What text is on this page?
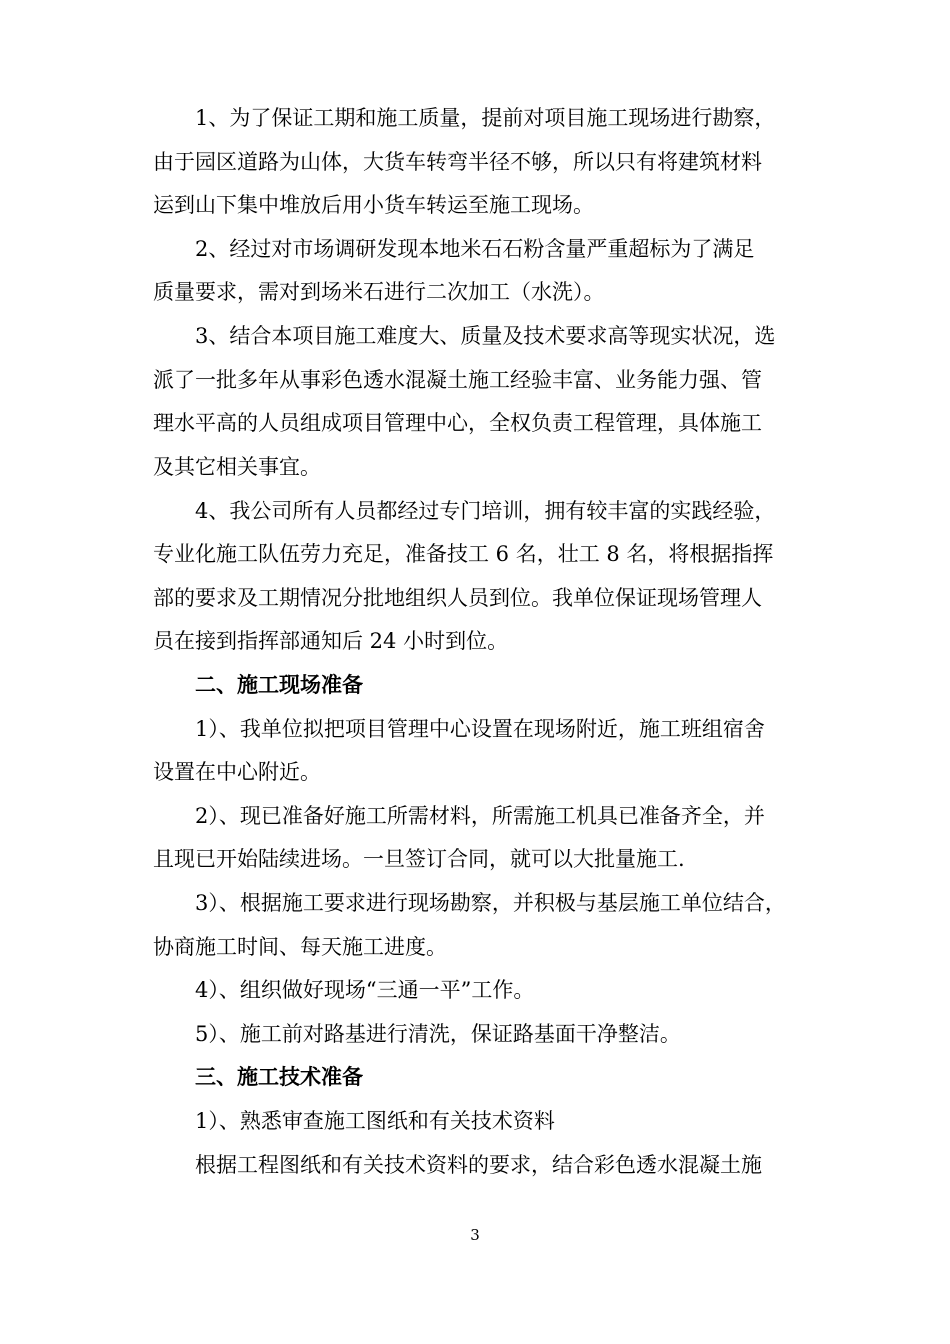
　　1、为了保证工期和施工质量，提前对项目施工现场进行勘察，
由于园区道路为山体，大货车转弯半径不够，所以只有将建筑材料
运到山下集中堆放后用小货车转运至施工现场。
　　2、经过对市场调研发现本地米石石粉含量严重超标为了满足
质量要求，需对到场米石进行二次加工（水洗）。
　　3、结合本项目施工难度大、质量及技术要求高等现实状况，选
派了一批多年从事彩色透水混凝土施工经验丰富、业务能力强、管
理水平高的人员组成项目管理中心，全权负责工程管理，具体施工
及其它相关事宜。
　　4、我公司所有人员都经过专门培训，拥有较丰富的实践经验，
专业化施工队伍劳力充足，准备技工 6 名，壮工 8 名，将根据指挥
部的要求及工期情况分批地组织人员到位。我单位保证现场管理人
员在接到指挥部通知后 24 小时到位。
　　二、施工现场准备
　　1）、我单位拟把项目管理中心设置在现场附近，施工班组宿舍
设置在中心附近。
　　2）、现已准备好施工所需材料，所需施工机具已准备齐全，并
且现已开始陆续进场。一旦签订合同，就可以大批量施工.
　　3）、根据施工要求进行现场勘察，并积极与基层施工单位结合，
协商施工时间、每天施工进度。
　　4）、组织做好现场“三通一平”工作。
　　5）、施工前对路基进行清洗，保证路基面干净整洁。
　　三、施工技术准备
　　1）、熟悉审查施工图纸和有关技术资料
　　根据工程图纸和有关技术资料的要求，结合彩色透水混凝土施
3
